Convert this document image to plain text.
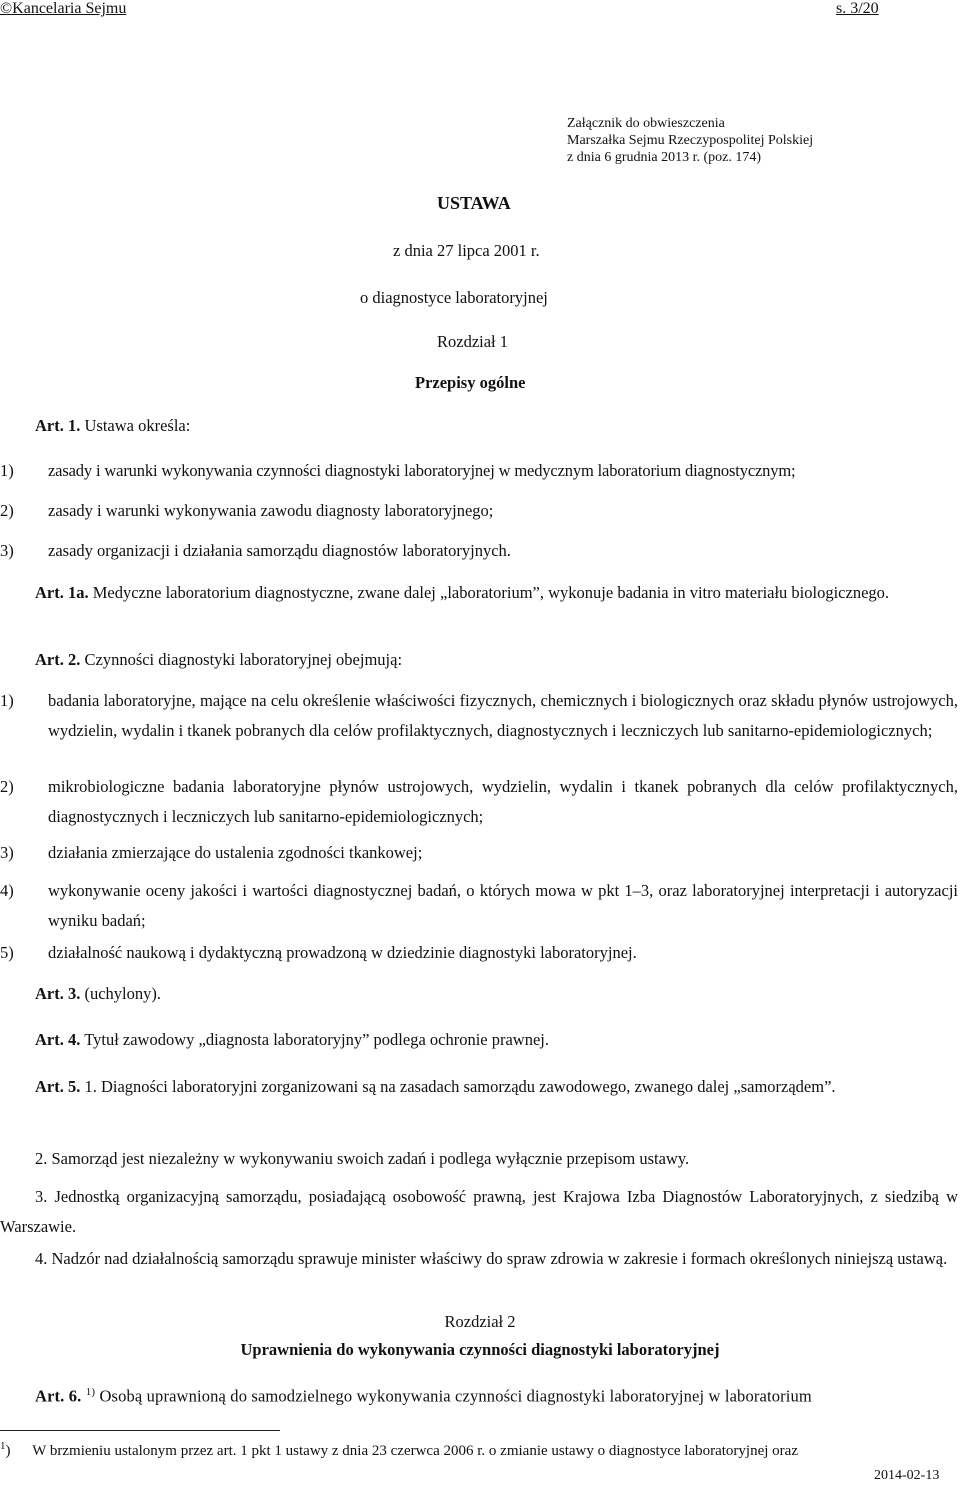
©Kancelaria Sejmu	s. 3/20
Załącznik do obwieszczenia
Marszałka Sejmu Rzeczypospolitej Polskiej
z dnia 6 grudnia 2013 r. (poz. 174)
USTAWA
z dnia 27 lipca 2001 r.
o diagnostyce laboratoryjnej
Rozdział 1
Przepisy ogólne
Art. 1. Ustawa określa:
1) zasady i warunki wykonywania czynności diagnostyki laboratoryjnej w medycznym laboratorium diagnostycznym;
2) zasady i warunki wykonywania zawodu diagnosty laboratoryjnego;
3) zasady organizacji i działania samorządu diagnostów laboratoryjnych.
Art. 1a. Medyczne laboratorium diagnostyczne, zwane dalej „laboratorium”, wykonuje badania in vitro materiału biologicznego.
Art. 2. Czynności diagnostyki laboratoryjnej obejmują:
1) badania laboratoryjne, mające na celu określenie właściwości fizycznych, chemicznych i biologicznych oraz składu płynów ustrojowych, wydzielin, wydalin i tkanek pobranych dla celów profilaktycznych, diagnostycznych i leczniczych lub sanitarno-epidemiologicznych;
2) mikrobiologiczne badania laboratoryjne płynów ustrojowych, wydzielin, wydalin i tkanek pobranych dla celów profilaktycznych, diagnostycznych i leczniczych lub sanitarno-epidemiologicznych;
3) działania zmierzające do ustalenia zgodności tkankowej;
4) wykonywanie oceny jakości i wartości diagnostycznej badań, o których mowa w pkt 1–3, oraz laboratoryjnej interpretacji i autoryzacji wyniku badań;
5) działalność naukową i dydaktyczną prowadzoną w dziedzinie diagnostyki laboratoryjnej.
Art. 3. (uchylony).
Art. 4. Tytuł zawodowy „diagnosta laboratoryjny” podlega ochronie prawnej.
Art. 5. 1. Diagności laboratoryjni zorganizowani są na zasadach samorządu zawodowego, zwanego dalej „samorządem”.
2. Samorząd jest niezależny w wykonywaniu swoich zadań i podlega wyłącznie przepisom ustawy.
3. Jednostką organizacyjną samorządu, posiadającą osobowość prawną, jest Krajowa Izba Diagnostów Laboratoryjnych, z siedzibą w Warszawie.
4. Nadzór nad działalnością samorządu sprawuje minister właściwy do spraw zdrowia w zakresie i formach określonych niniejszą ustawą.
Rozdział 2
Uprawnienia do wykonywania czynności diagnostyki laboratoryjnej
Art. 6. $^{1)}$ Osobą uprawnioną do samodzielnego wykonywania czynności diagnostyki laboratoryjnej w laboratorium
$^1$) W brzmieniu ustalonym przez art. 1 pkt 1 ustawy z dnia 23 czerwca 2006 r. o zmianie ustawy o diagnostyce laboratoryjnej oraz
2014-02-13
